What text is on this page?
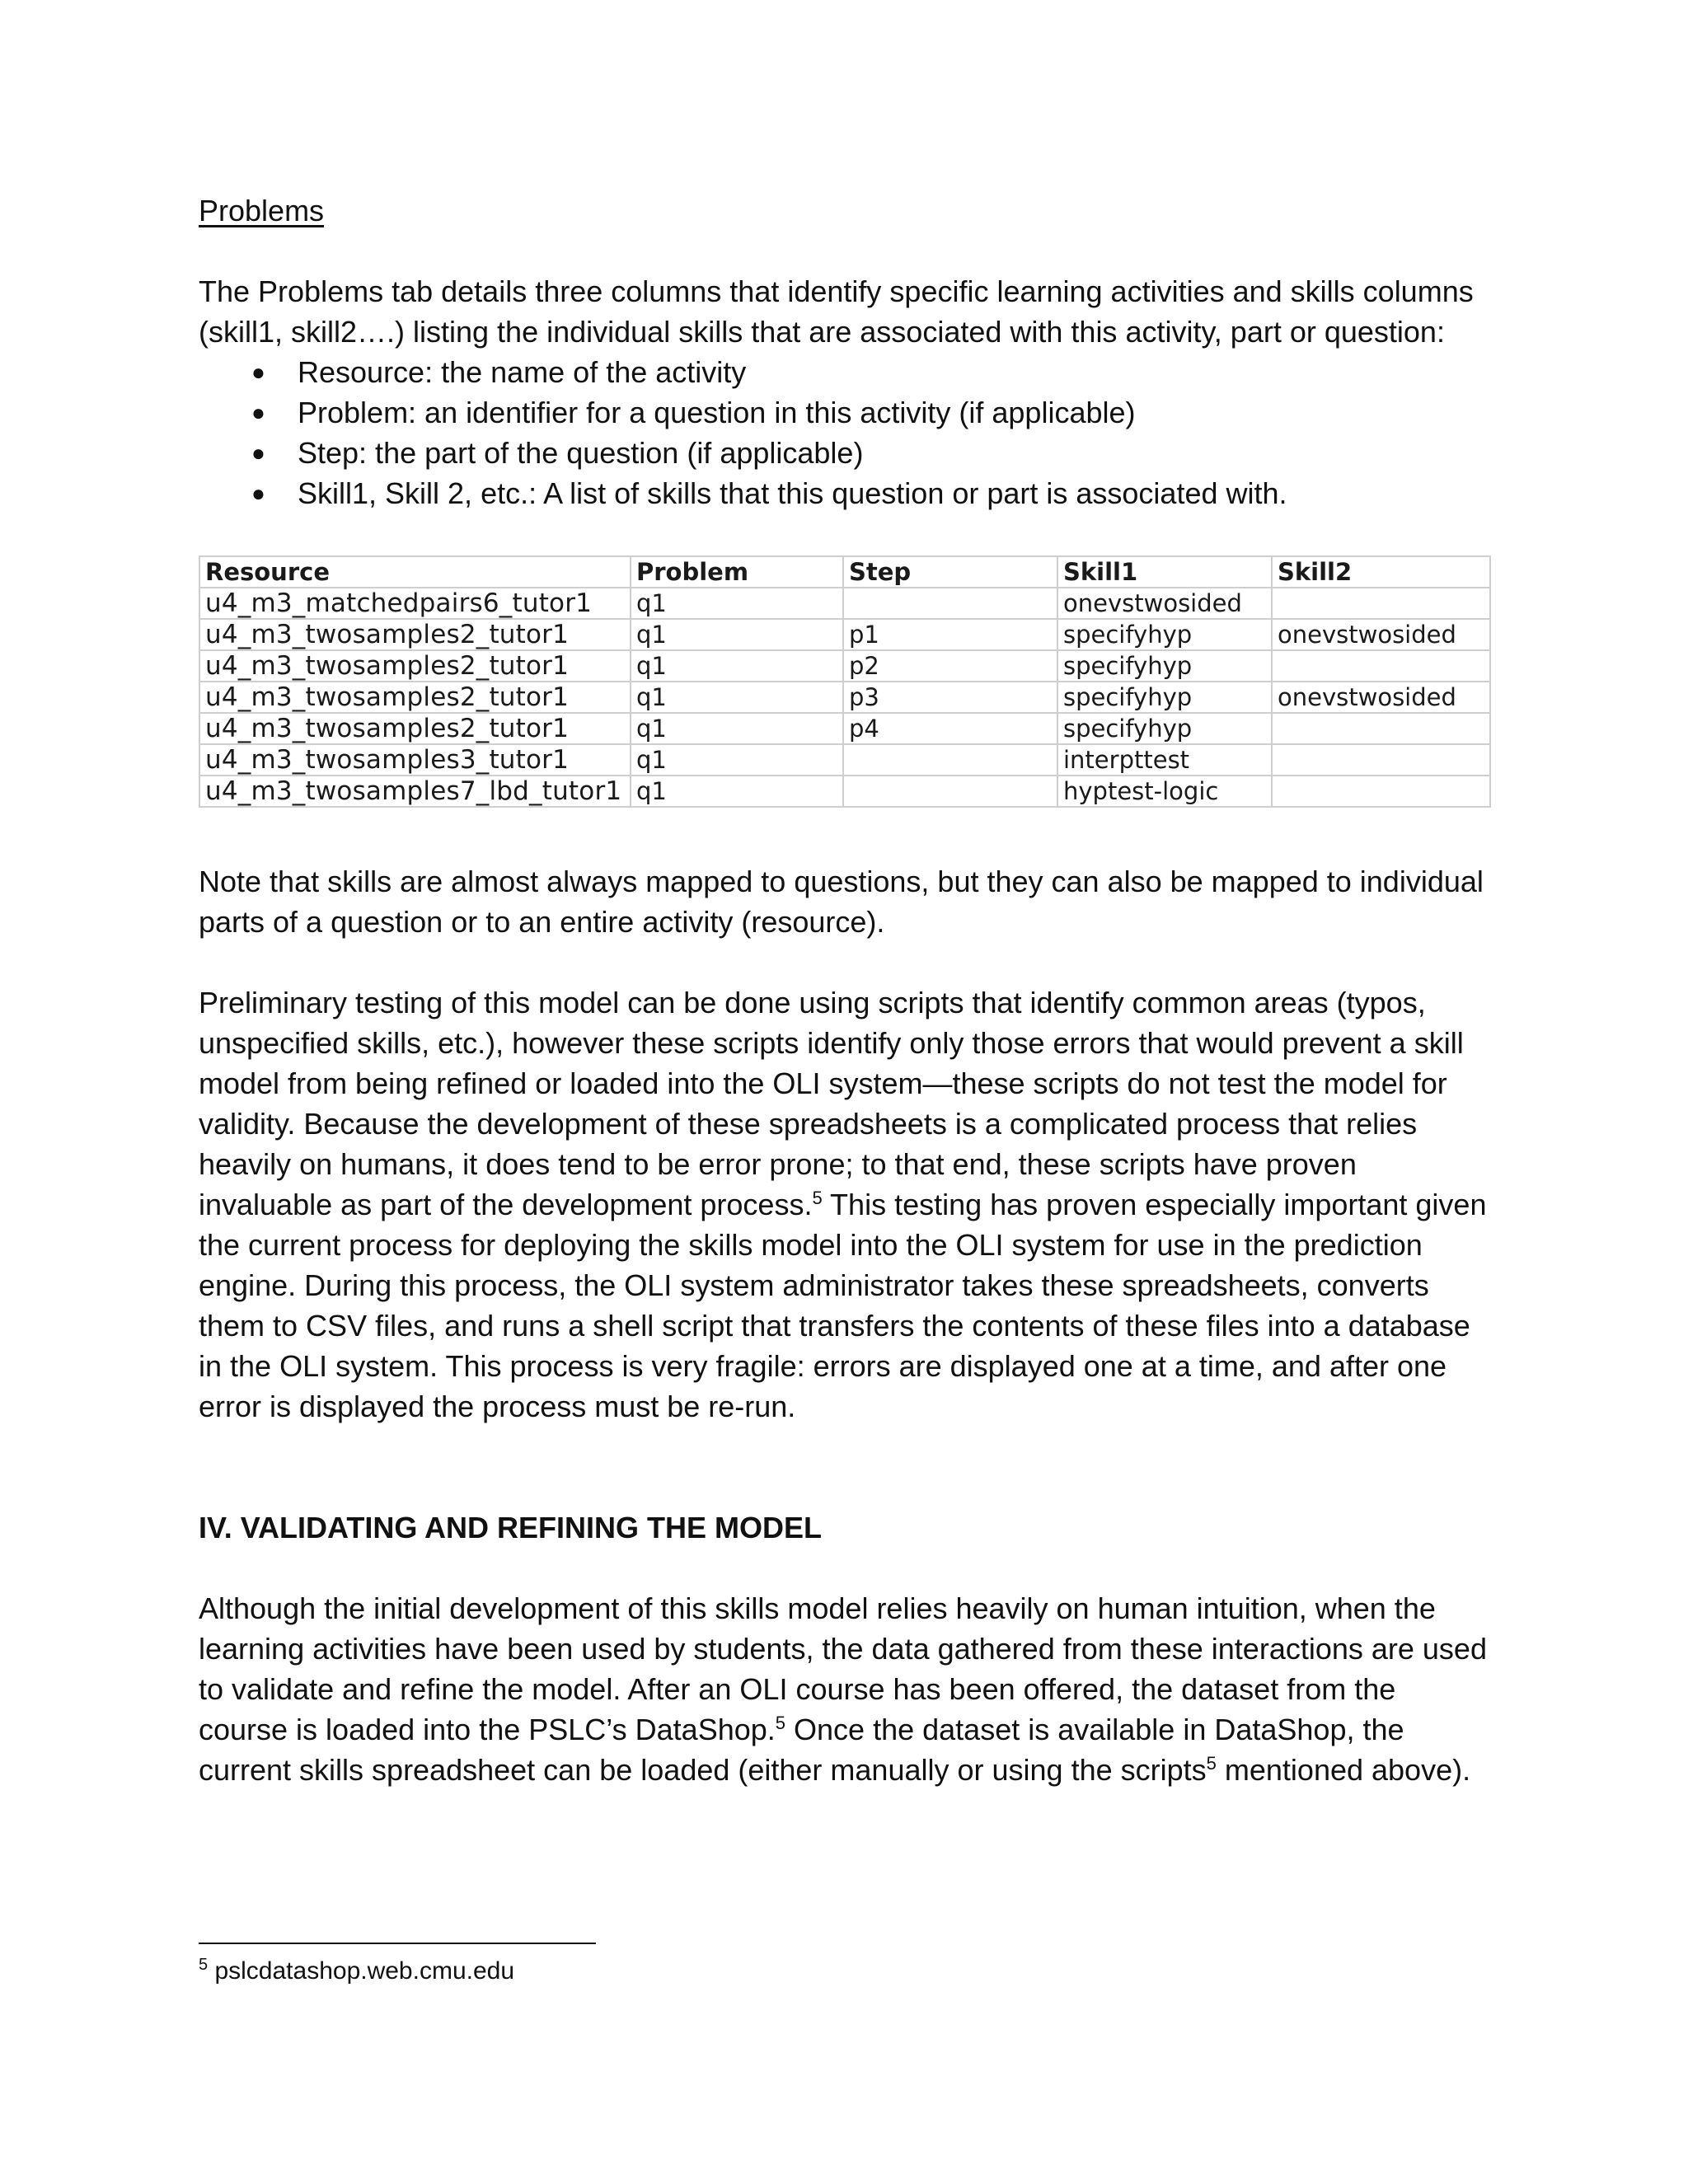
Problems

The Problems tab details three columns that identify specific learning activities and skills columns (skill1, skill2….) listing the individual skills that are associated with this activity, part or question:

● Resource: the name of the activity
● Problem: an identifier for a question in this activity (if applicable)
● Step: the part of the question (if applicable)
● Skill1, Skill 2, etc.: A list of skills that this question or part is associated with.
Resource	Problem	Step	Skill1	Skill2
u4_m3_matchedpairs6_tutor1	q1		onevstwosided	
u4_m3_twosamples2_tutor1	q1	p1	specifyhyp	onevstwosided
u4_m3_twosamples2_tutor1	q1	p2	specifyhyp	
u4_m3_twosamples2_tutor1	q1	p3	specifyhyp	onevstwosided
u4_m3_twosamples2_tutor1	q1	p4	specifyhyp	
u4_m3_twosamples3_tutor1	q1		interpttest	
u4_m3_twosamples7_lbd_tutor1	q1		hyptest-logic	

Note that skills are almost always mapped to questions, but they can also be mapped to individual parts of a question or to an entire activity (resource).

Preliminary testing of this model can be done using scripts that identify common areas (typos, unspecified skills, etc.), however these scripts identify only those errors that would prevent a skill model from being refined or loaded into the OLI system—these scripts do not test the model for validity. Because the development of these spreadsheets is a complicated process that relies heavily on humans, it does tend to be error prone; to that end, these scripts have proven invaluable as part of the development process.$^5$ This testing has proven especially important given the current process for deploying the skills model into the OLI system for use in the prediction engine. During this process, the OLI system administrator takes these spreadsheets, converts them to CSV files, and runs a shell script that transfers the contents of these files into a database in the OLI system. This process is very fragile: errors are displayed one at a time, and after one error is displayed the process must be re-run.

IV. VALIDATING AND REFINING THE MODEL

Although the initial development of this skills model relies heavily on human intuition, when the learning activities have been used by students, the data gathered from these interactions are used to validate and refine the model. After an OLI course has been offered, the dataset from the course is loaded into the PSLC’s DataShop.$^5$ Once the dataset is available in DataShop, the current skills spreadsheet can be loaded (either manually or using the scripts$^5$ mentioned above).

$^5$ pslcdatashop.web.cmu.edu
